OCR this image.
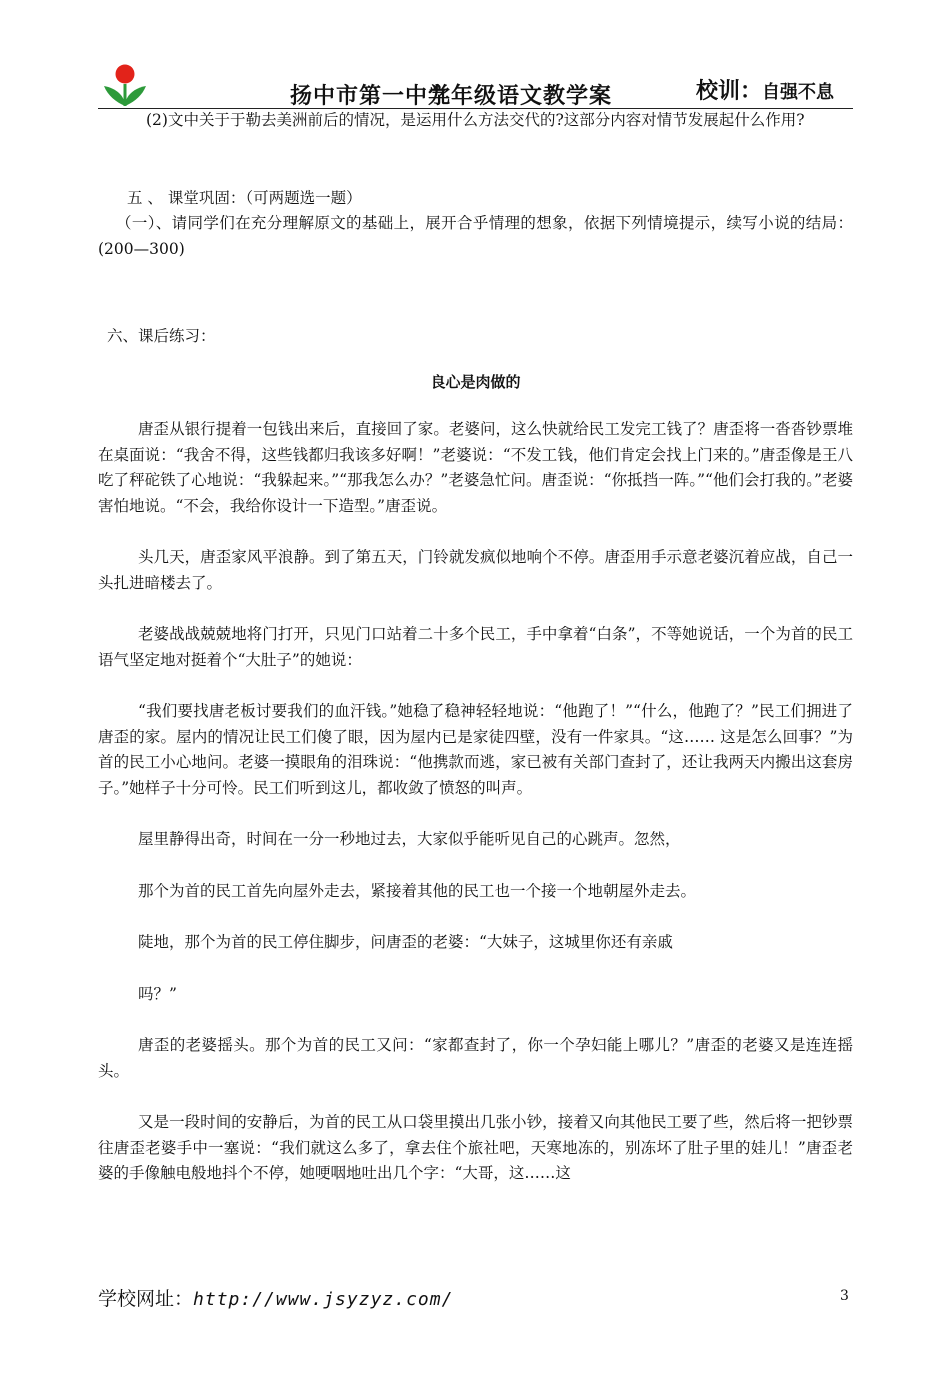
扬中市第一中学
九年级语文教学案	校训：自强不息

(2)文中关于于勒去美洲前后的情况，是运用什么方法交代的?这部分内容对情节发展起什么作用?

五 、 课堂巩固：（可两题选一题）

（一）、请同学们在充分理解原文的基础上，展开合乎情理的想象，依据下列情境提示，续写小说的结局：(200—300)

六、课后练习：

良心是肉做的

唐歪从银行提着一包钱出来后，直接回了家。老婆问，这么快就给民工发完工钱了？唐歪将一沓沓钞票堆在桌面说：“我舍不得，这些钱都归我该多好啊！”老婆说：“不发工钱，他们肯定会找上门来的。”唐歪像是王八吃了秤砣铁了心地说：“我躲起来。”“那我怎么办？”老婆急忙问。唐歪说：“你抵挡一阵。”“他们会打我的。”老婆害怕地说。“不会，我给你设计一下造型。”唐歪说。

头几天，唐歪家风平浪静。到了第五天，门铃就发疯似地响个不停。唐歪用手示意老婆沉着应战，自己一头扎进暗楼去了。

老婆战战兢兢地将门打开，只见门口站着二十多个民工，手中拿着“白条”，不等她说话，一个为首的民工语气坚定地对挺着个“大肚子”的她说：

“我们要找唐老板讨要我们的血汗钱。”她稳了稳神轻轻地说：“他跑了！”“什么，他跑了？”民工们拥进了唐歪的家。屋内的情况让民工们傻了眼，因为屋内已是家徒四壁，没有一件家具。“这…… 这是怎么回事？”为首的民工小心地问。老婆一摸眼角的泪珠说：“他携款而逃，家已被有关部门查封了，还让我两天内搬出这套房子。”她样子十分可怜。民工们听到这儿，都收敛了愤怒的叫声。

屋里静得出奇，时间在一分一秒地过去，大家似乎能听见自己的心跳声。忽然，

那个为首的民工首先向屋外走去，紧接着其他的民工也一个接一个地朝屋外走去。

陡地，那个为首的民工停住脚步，问唐歪的老婆：“大妹子，这城里你还有亲戚

吗？”

唐歪的老婆摇头。那个为首的民工又问：“家都查封了，你一个孕妇能上哪儿？”唐歪的老婆又是连连摇头。

又是一段时间的安静后，为首的民工从口袋里摸出几张小钞，接着又向其他民工要了些，然后将一把钞票往唐歪老婆手中一塞说：“我们就这么多了，拿去住个旅社吧，天寒地冻的，别冻坏了肚子里的娃儿！”唐歪老婆的手像触电般地抖个不停，她哽咽地吐出几个字：“大哥，这……这

学校网址：http://www.jsyzyz.com/	3
